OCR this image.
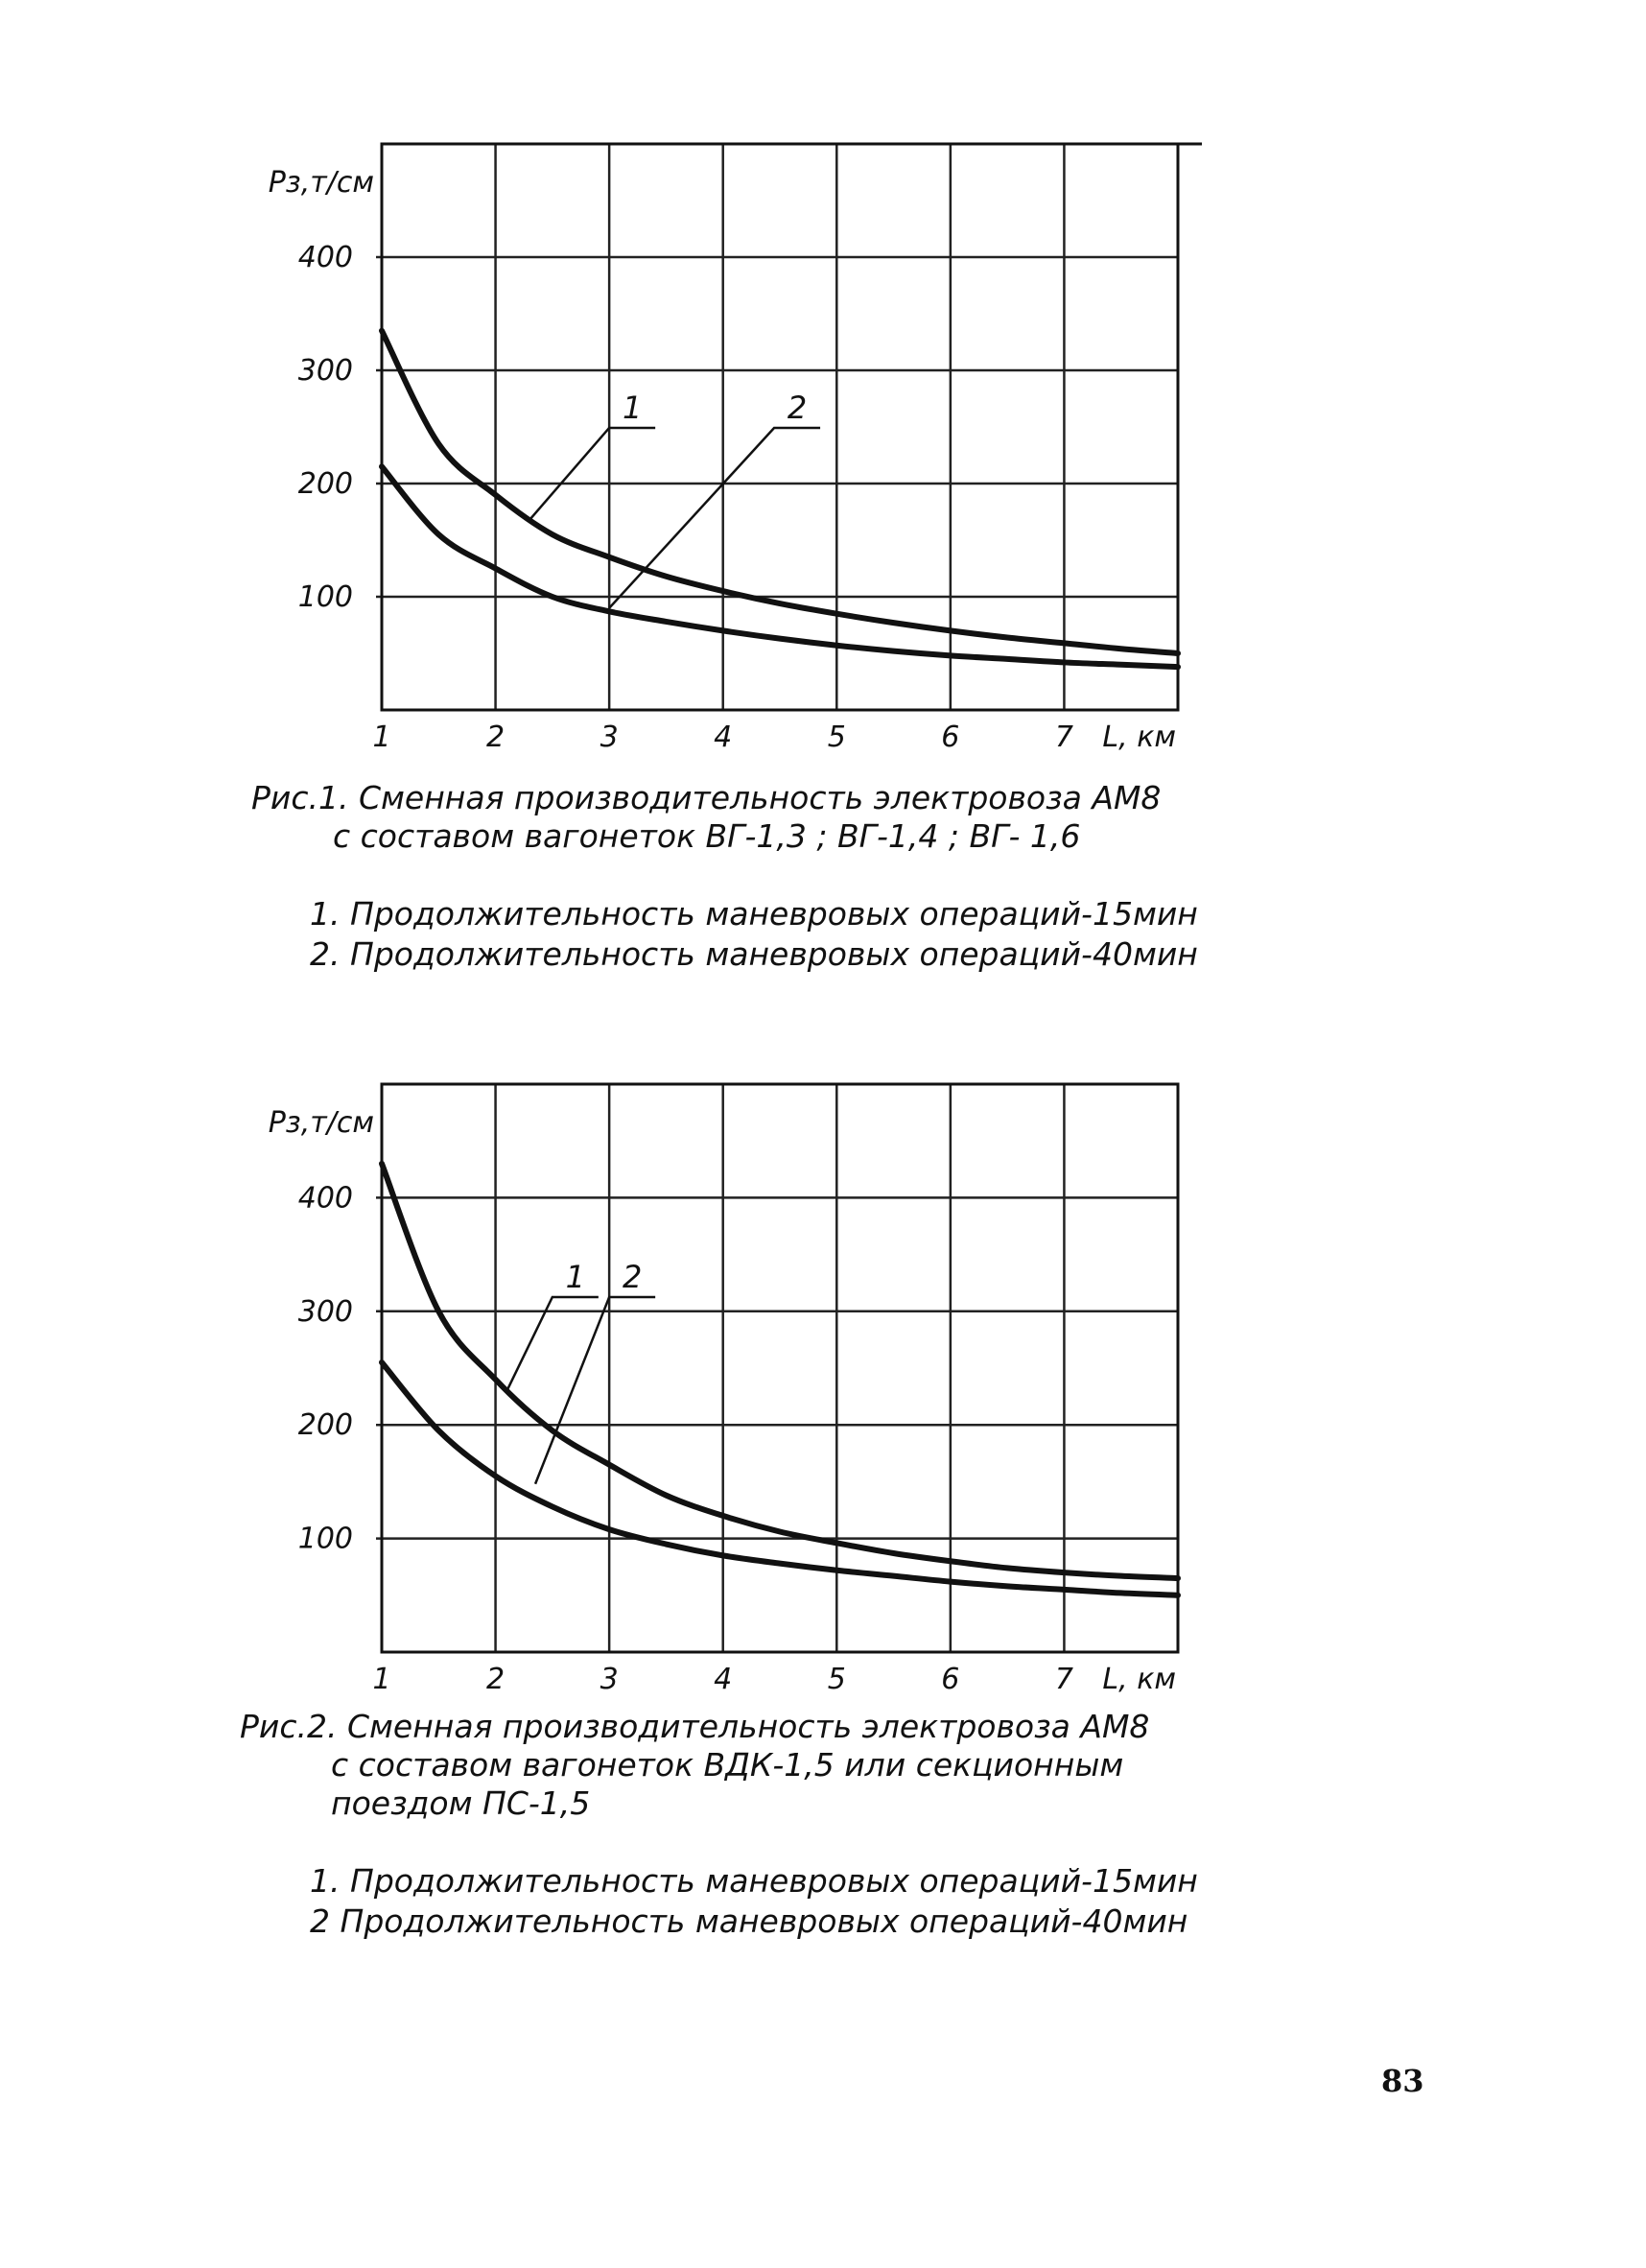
100
200
300
400
1	2	3	4	5	6	7 L, км
Pз,т/см
1	2
Рис.1. Сменная производительность электровоза АМ8
с составом вагонеток ВГ-1,3 ; ВГ-1,4 ; ВГ- 1,6
1. Продолжительность маневровых операций-15мин
2. Продолжительность маневровых операций-40мин
100
200
300
400
1	2	3	4	5	6	7 L, км
Pз,т/см
1 2
Рис.2. Сменная производительность электровоза АМ8
с составом вагонеток ВДК-1,5 или секционным
поездом ПС-1,5
1. Продолжительность маневровых операций-15мин
2 Продолжительность маневровых операций-40мин
83
